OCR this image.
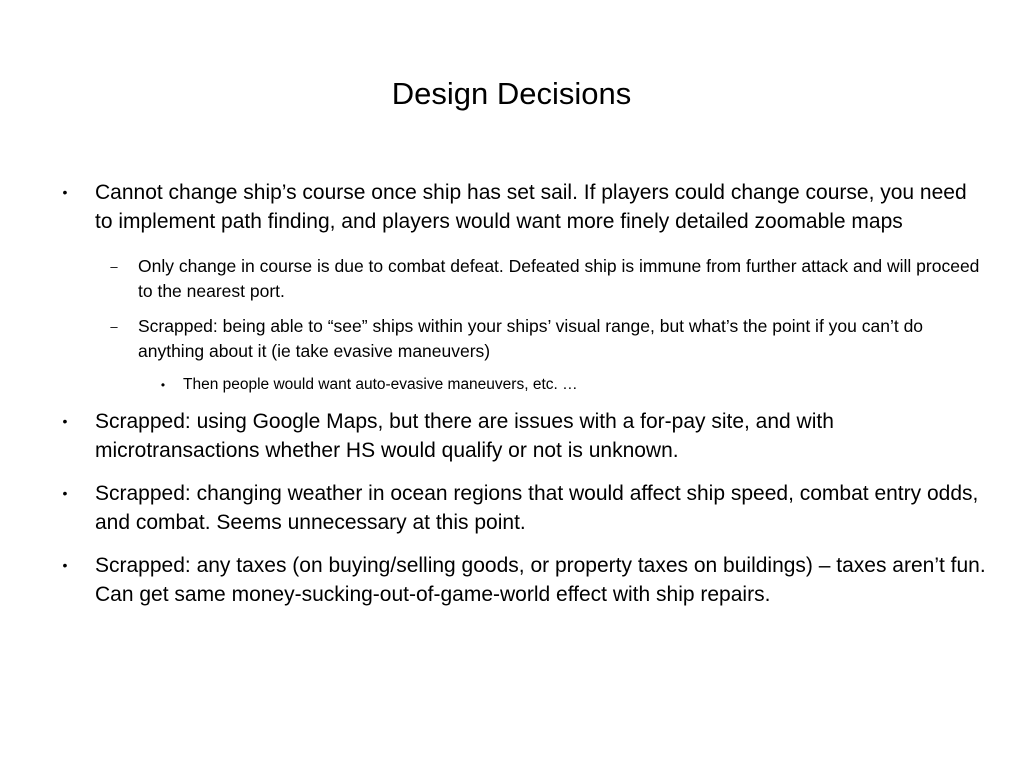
Design Decisions
• Cannot change ship’s course once ship has set sail. If players could change course, you need to implement path finding, and players would want more finely detailed zoomable maps
– Only change in course is due to combat defeat. Defeated ship is immune from further attack and will proceed to the nearest port.
– Scrapped: being able to “see” ships within your ships’ visual range, but what’s the point if you can’t do anything about it (ie take evasive maneuvers)
•	Then people would want auto-evasive maneuvers, etc. …
• Scrapped: using Google Maps, but there are issues with a for-pay site, and with microtransactions whether HS would qualify or not is unknown.
• Scrapped: changing weather in ocean regions that would affect ship speed, combat entry odds, and combat. Seems unnecessary at this point.
• Scrapped: any taxes (on buying/selling goods, or property taxes on buildings) – taxes aren’t fun. Can get same money-sucking-out-of-game-world effect with ship repairs.
